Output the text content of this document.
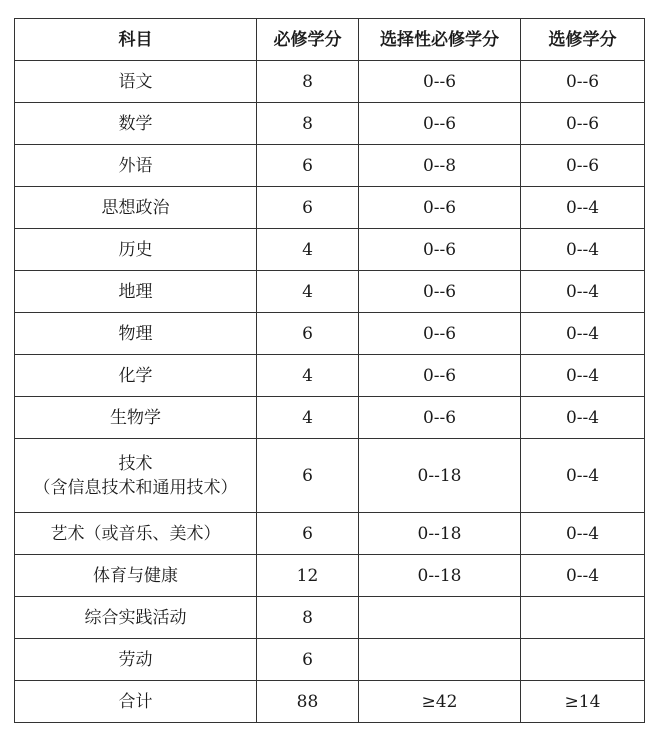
科目	必修学分	选择性必修学分	选修学分
语文	8	0--6	0--6
数学	8	0--6	0--6
外语	6	0--8	0--6
思想政治	6	0--6	0--4
历史	4	0--6	0--4
地理	4	0--6	0--4
物理	6	0--6	0--4
化学	4	0--6	0--4
生物学	4	0--6	0--4

技术
（含信息技术和通用技术）	6	0--18	0--4
艺术（或音乐、美术）	6	0--18	0--4
体育与健康	12	0--18	0--4
综合实践活动	8		
劳动	6		
合计	88	≥42	≥14
